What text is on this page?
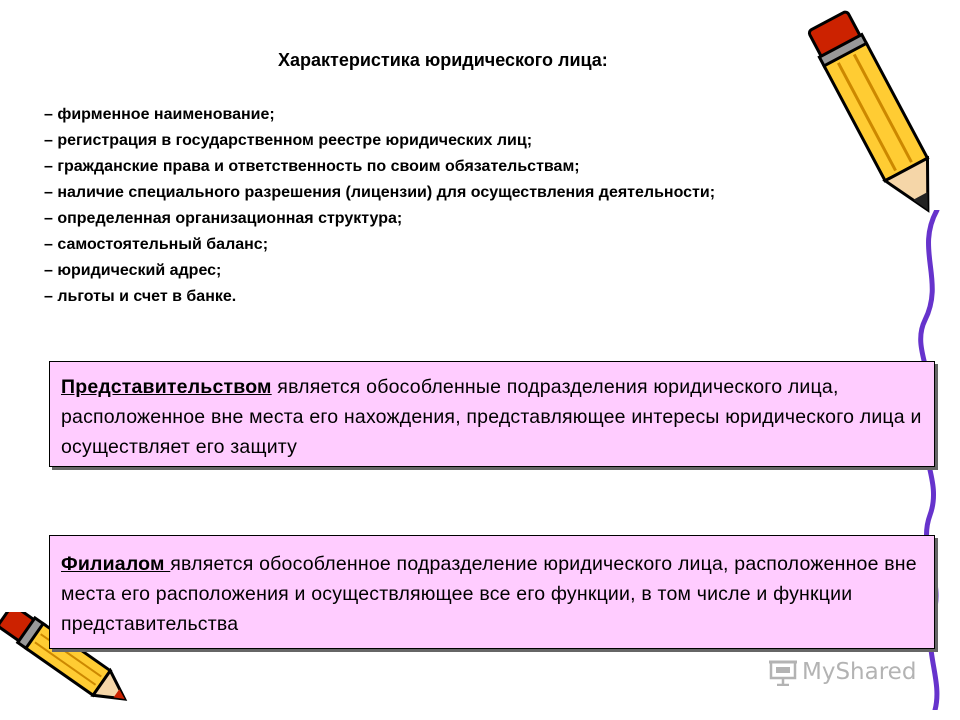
Характеристика юридического лица:
– фирменное наименование;
– регистрация в государственном реестре юридических лиц;
– гражданские права и ответственность по своим обязательствам;
– наличие специального разрешения (лицензии) для осуществления деятельности;
– определенная организационная структура;
– самостоятельный баланс;
– юридический адрес;
– льготы и счет в банке.
Представительством является обособленные подразделения юридического лица, расположенное вне места его нахождения, представляющее интересы юридического лица и осуществляет его защиту
Филиалом является обособленное подразделение юридического лица, расположенное вне места его расположения и осуществляющее все его функции, в том числе и функции представительства
MyShared
